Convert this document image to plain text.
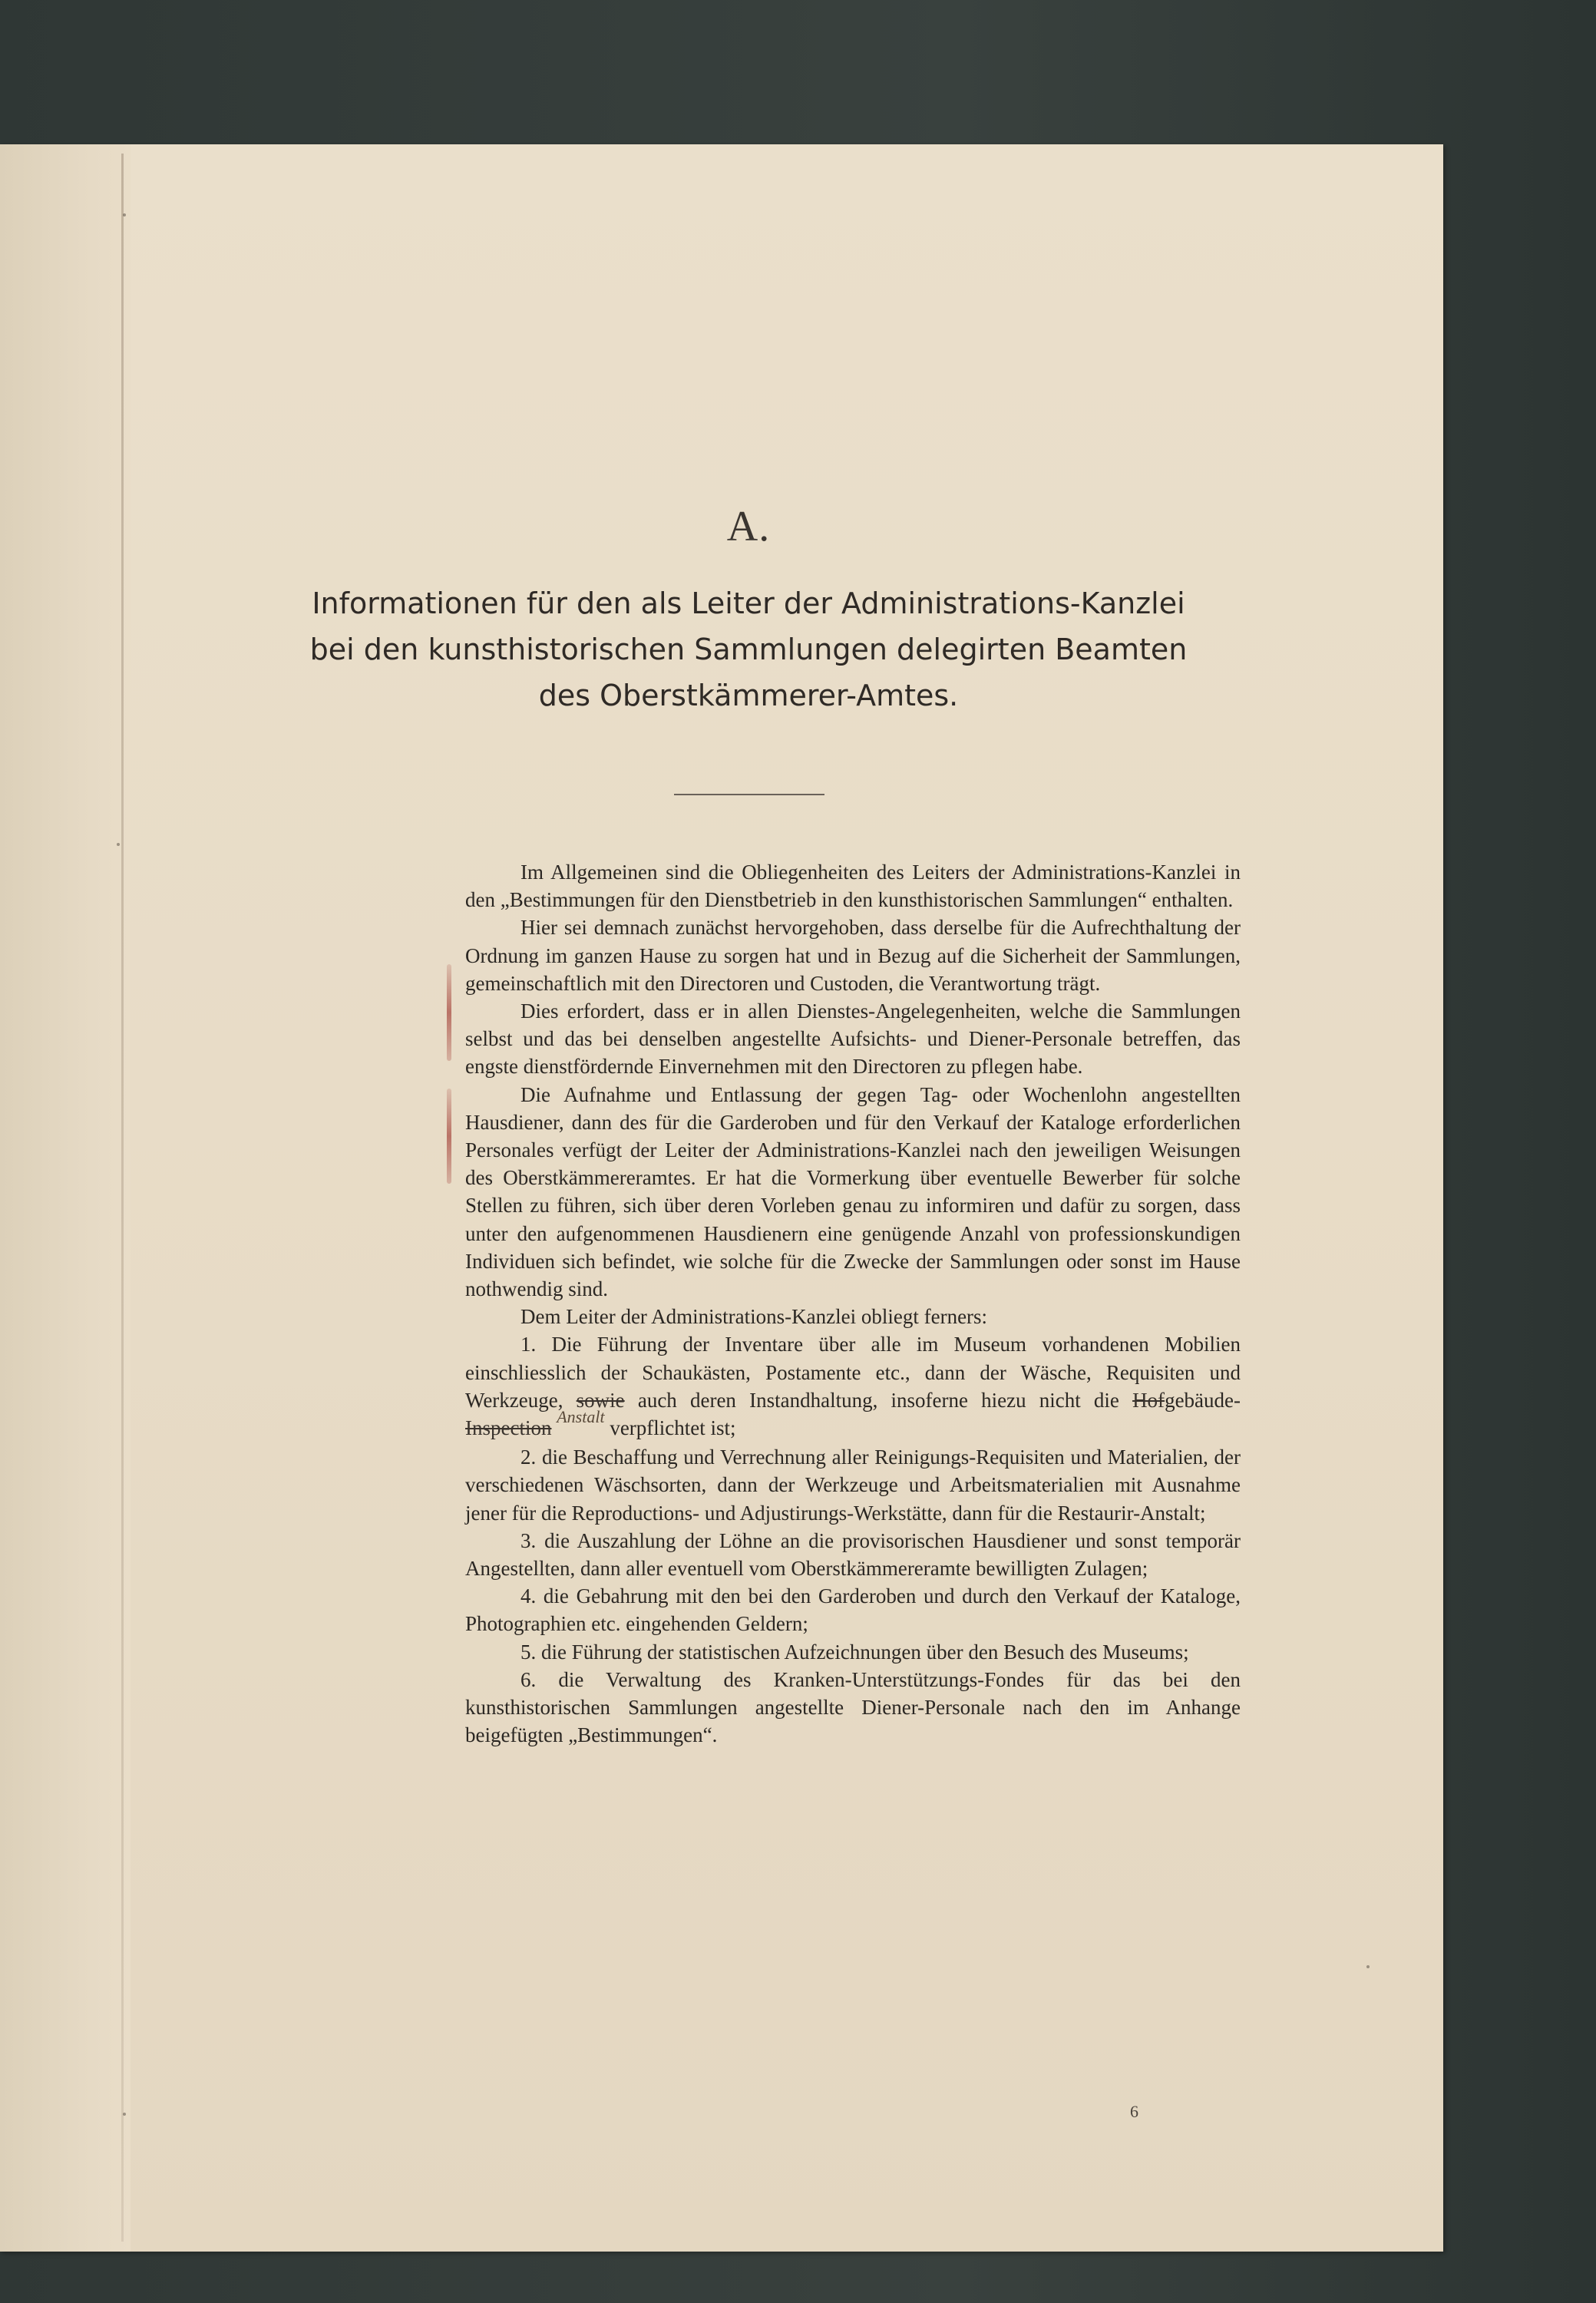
A.
Informationen für den als Leiter der Administrations-Kanzlei
bei den kunsthistorischen Sammlungen delegirten Beamten
des Oberstkämmerer-Amtes.

Im Allgemeinen sind die Obliegenheiten des Leiters der Administrations-Kanzlei in den „Bestimmungen für den Dienstbetrieb in den kunsthistorischen Sammlungen“ enthalten.

Hier sei demnach zunächst hervorgehoben, dass derselbe für die Aufrechthaltung der Ordnung im ganzen Hause zu sorgen hat und in Bezug auf die Sicherheit der Sammlungen, gemeinschaftlich mit den Directoren und Custoden, die Verantwortung trägt.

Dies erfordert, dass er in allen Dienstes-Angelegenheiten, welche die Sammlungen selbst und das bei denselben angestellte Aufsichts- und Diener-Personale betreffen, das engste dienstfördernde Einvernehmen mit den Directoren zu pflegen habe.

Die Aufnahme und Entlassung der gegen Tag- oder Wochenlohn angestellten Hausdiener, dann des für die Garderoben und für den Verkauf der Kataloge erforderlichen Personales verfügt der Leiter der Administrations-Kanzlei nach den jeweiligen Weisungen des Oberstkämmereramtes. Er hat die Vormerkung über eventuelle Bewerber für solche Stellen zu führen, sich über deren Vorleben genau zu informiren und dafür zu sorgen, dass unter den aufgenommenen Hausdienern eine genügende Anzahl von professionskundigen Individuen sich befindet, wie solche für die Zwecke der Sammlungen oder sonst im Hause nothwendig sind.

Dem Leiter der Administrations-Kanzlei obliegt ferners:

1. Die Führung der Inventare über alle im Museum vorhandenen Mobilien einschliesslich der Schaukästen, Postamente etc., dann der Wäsche, Requisiten und Werkzeuge, sowie auch deren Instandhaltung, insoferne hiezu nicht die Hofgebäude-Inspection $^{Anstalt}$ verpflichtet ist;

2. die Beschaffung und Verrechnung aller Reinigungs-Requisiten und Materialien, der verschiedenen Wäschsorten, dann der Werkzeuge und Arbeitsmaterialien mit Ausnahme jener für die Reproductions- und Adjustirungs-Werkstätte, dann für die Restaurir-Anstalt;

3. die Auszahlung der Löhne an die provisorischen Hausdiener und sonst temporär Angestellten, dann aller eventuell vom Oberstkämmereramte bewilligten Zulagen;

4. die Gebahrung mit den bei den Garderoben und durch den Verkauf der Kataloge, Photographien etc. eingehenden Geldern;

5. die Führung der statistischen Aufzeichnungen über den Besuch des Museums;

6. die Verwaltung des Kranken-Unterstützungs-Fondes für das bei den kunsthistorischen Sammlungen angestellte Diener-Personale nach den im Anhange beigefügten „Bestimmungen“.

6
